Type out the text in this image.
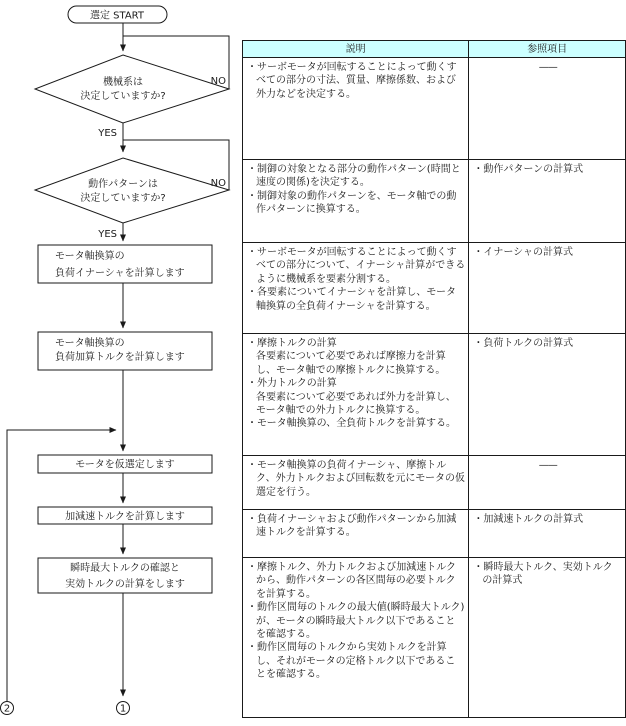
選定 START
機械系は
決定していますか?
NO
YES
動作パターンは
決定していますか?
NO
YES
モータ軸換算の
負荷イナーシャを計算します
モータ軸換算の
負荷加算トルクを計算します
モータを仮選定します
加減速トルクを計算します
瞬時最大トルクの確認と
実効トルクの計算をします
1
2
説明	参照項目

・サーボモータが回転することによって動くすべての部分の寸法、質量、摩擦係数、および外力などを決定する。	——

・制御の対象となる部分の動作パターン(時間と速度の関係)を決定する。
・制御対象の動作パターンを、モータ軸での動作パターンに換算する。	・動作パターンの計算式

・サーボモータが回転することによって動くすべての部分について、イナーシャ計算ができるように機械系を要素分割する。
・各要素についてイナーシャを計算し、モータ軸換算の全負荷イナーシャを計算する。	・イナーシャの計算式

・摩擦トルクの計算
各要素について必要であれば摩擦力を計算し、モータ軸での摩擦トルクに換算する。
・外力トルクの計算
各要素について必要であれば外力を計算し、モータ軸での外力トルクに換算する。
・モータ軸換算の、全負荷トルクを計算する。	・負荷トルクの計算式

・モータ軸換算の負荷イナーシャ、摩擦トルク、外力トルクおよび回転数を元にモータの仮選定を行う。	——

・負荷イナーシャおよび動作パターンから加減速トルクを計算する。	・加減速トルクの計算式

・摩擦トルク、外力トルクおよび加減速トルクから、動作パターンの各区間毎の必要トルクを計算する。
・動作区間毎のトルクの最大値(瞬時最大トルク)が、モータの瞬時最大トルク以下であることを確認する。
・動作区間毎のトルクから実効トルクを計算し、それがモータの定格トルク以下であることを確認する。	・瞬時最大トルク、実効トルクの計算式
